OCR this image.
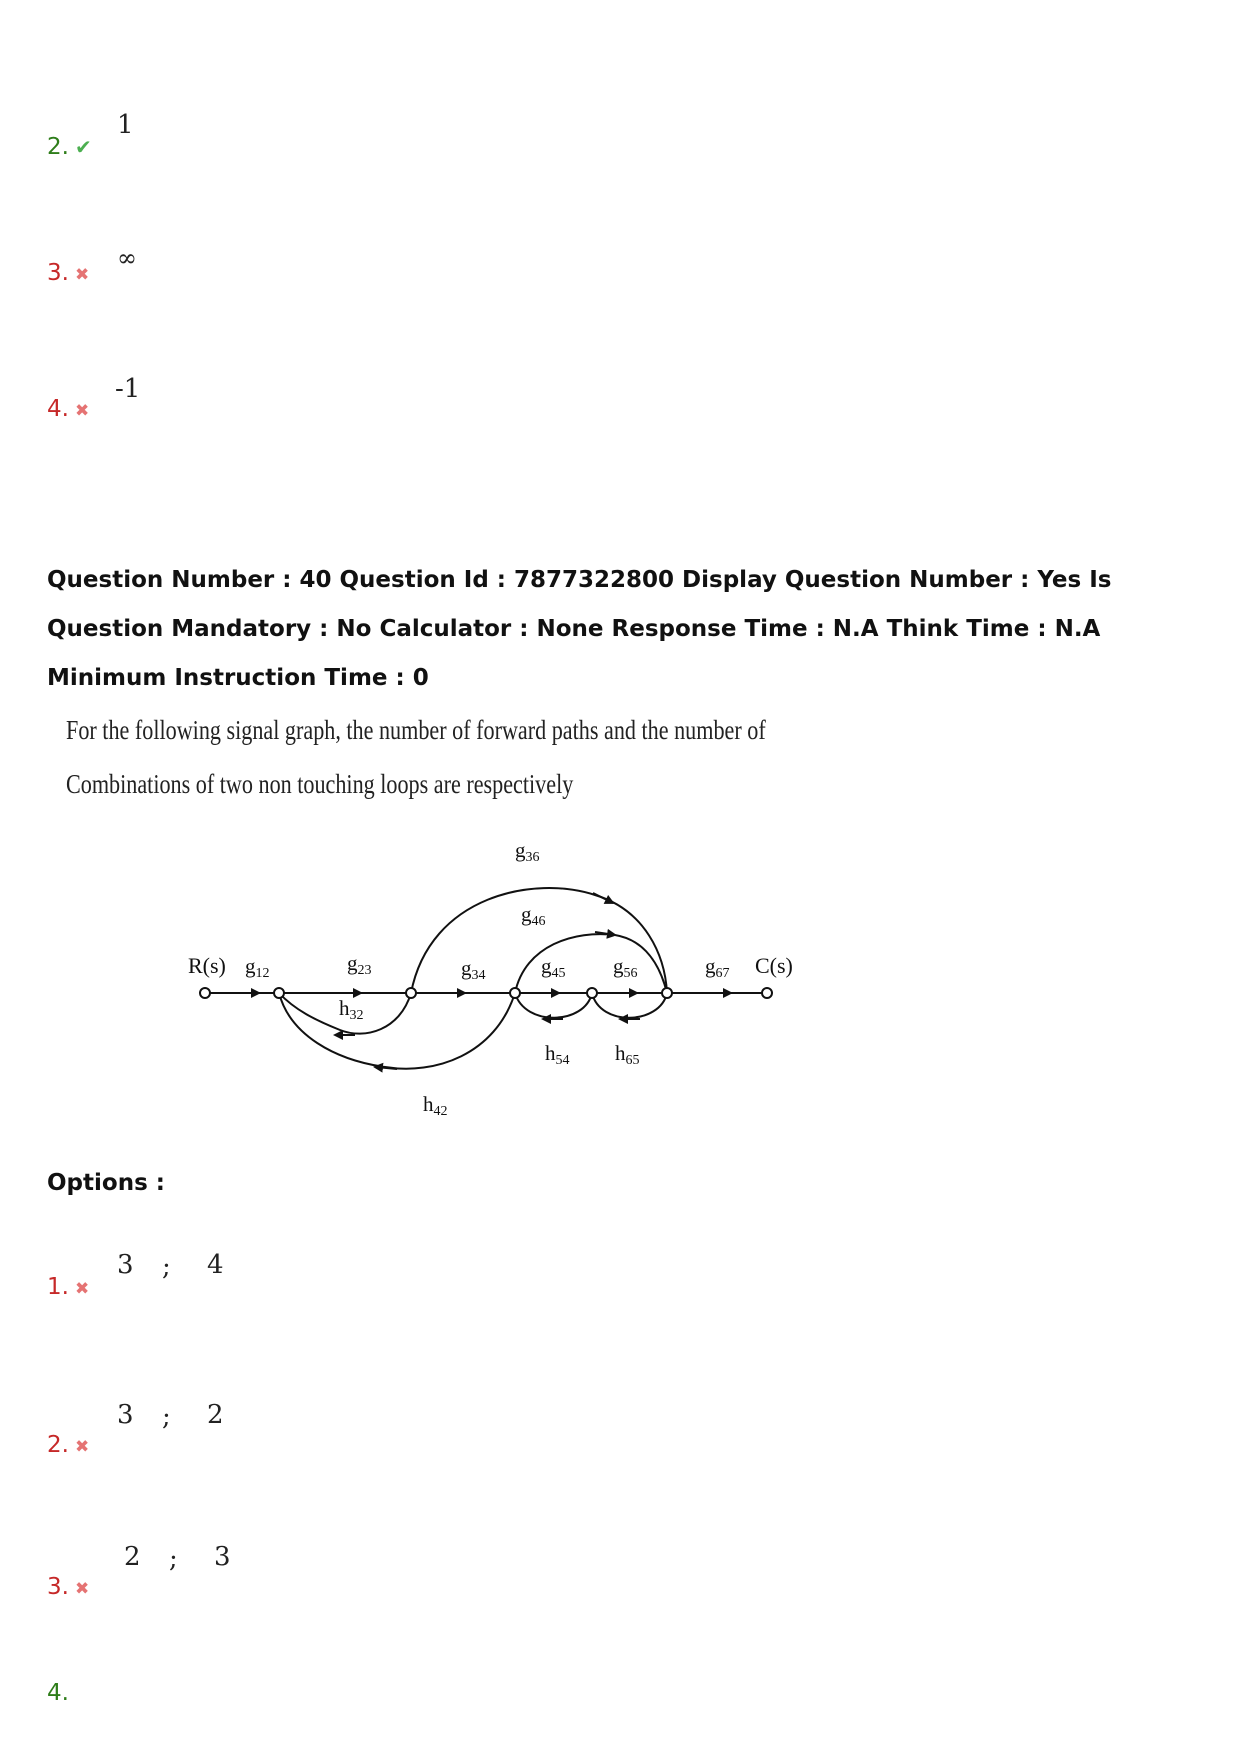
2. ✔
1
3. ✖
∞
4. ✖
-1
Question Number : 40 Question Id : 7877322800 Display Question Number : Yes Is Question Mandatory : No Calculator : None Response Time : N.A Think Time : N.A Minimum Instruction Time : 0
For the following signal graph, the number of forward paths and the number of
Combinations of two non touching loops are respectively
R(s)	C(s)
g12	g23	g34	g45 g56	g67
g36
g46
h32
h42
h54 h65
Options :
1. ✖
3 ; 4
2. ✖
3 ; 2
3. ✖
2 ; 3
4.
